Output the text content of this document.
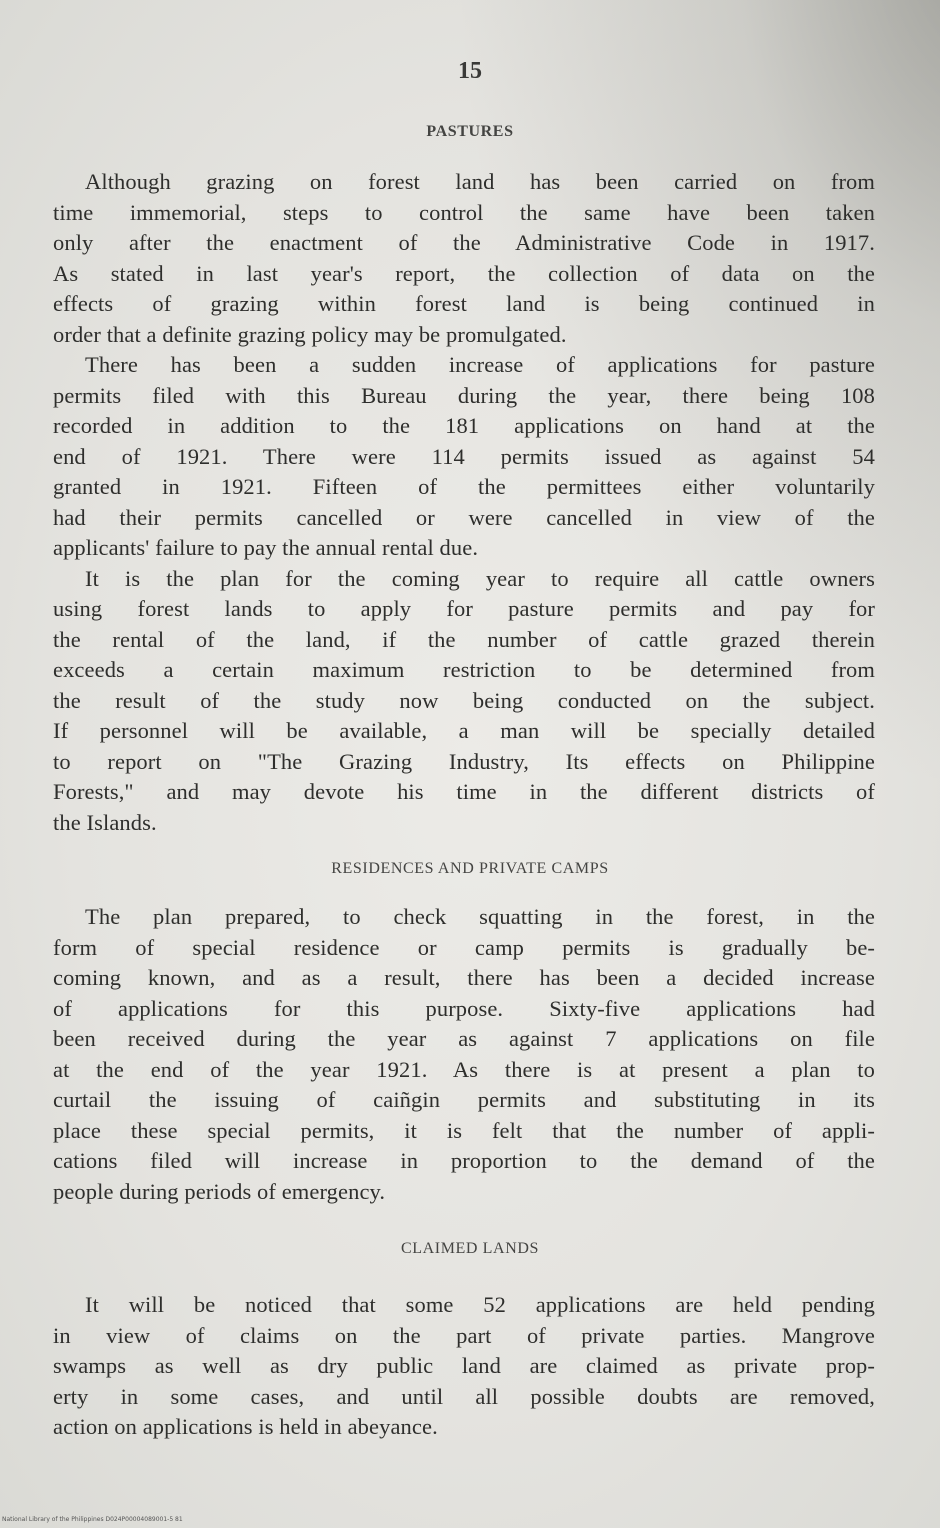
15
PASTURES
Although grazing on forest land has been carried on from
time immemorial, steps to control the same have been taken
only after the enactment of the Administrative Code in 1917.
As stated in last year's report, the collection of data on the
effects of grazing within forest land is being continued in
order that a definite grazing policy may be promulgated.
There has been a sudden increase of applications for pasture
permits filed with this Bureau during the year, there being 108
recorded in addition to the 181 applications on hand at the
end of 1921. There were 114 permits issued as against 54
granted in 1921. Fifteen of the permittees either voluntarily
had their permits cancelled or were cancelled in view of the
applicants' failure to pay the annual rental due.
It is the plan for the coming year to require all cattle owners
using forest lands to apply for pasture permits and pay for
the rental of the land, if the number of cattle grazed therein
exceeds a certain maximum restriction to be determined from
the result of the study now being conducted on the subject.
If personnel will be available, a man will be specially detailed
to report on "The Grazing Industry, Its effects on Philippine
Forests," and may devote his time in the different districts of
the Islands.
RESIDENCES AND PRIVATE CAMPS
The plan prepared, to check squatting in the forest, in the
form of special residence or camp permits is gradually be-
coming known, and as a result, there has been a decided increase
of applications for this purpose. Sixty-five applications had
been received during the year as against 7 applications on file
at the end of the year 1921. As there is at present a plan to
curtail the issuing of caiñgin permits and substituting in its
place these special permits, it is felt that the number of appli-
cations filed will increase in proportion to the demand of the
people during periods of emergency.
CLAIMED LANDS
It will be noticed that some 52 applications are held pending
in view of claims on the part of private parties. Mangrove
swamps as well as dry public land are claimed as private prop-
erty in some cases, and until all possible doubts are removed,
action on applications is held in abeyance.
National Library of the Philippines D024P00004089001-5 81
